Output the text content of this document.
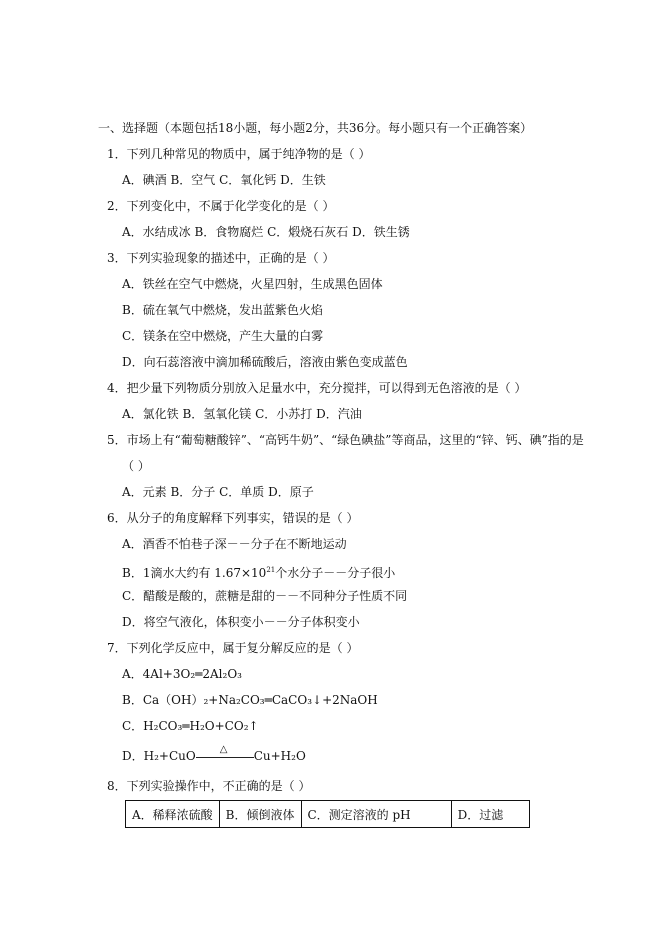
一、选择题（本题包括18小题，每小题2分，共36分。每小题只有一个正确答案）
1．下列几种常见的物质中，属于纯净物的是（ ）
A．碘酒 B．空气 C．氧化钙 D．生铁
2．下列变化中，不属于化学变化的是（ ）
A．水结成冰 B．食物腐烂 C．煅烧石灰石 D．铁生锈
3．下列实验现象的描述中，正确的是（ ）
A．铁丝在空气中燃烧，火星四射，生成黑色固体
B．硫在氧气中燃烧，发出蓝紫色火焰
C．镁条在空中燃烧，产生大量的白雾
D．向石蕊溶液中滴加稀硫酸后，溶液由紫色变成蓝色
4．把少量下列物质分别放入足量水中，充分搅拌，可以得到无色溶液的是（ ）
A．氯化铁 B．氢氧化镁 C．小苏打 D．汽油
5．市场上有“葡萄糖酸锌”、“高钙牛奶”、“绿色碘盐”等商品，这里的“锌、钙、碘”指的是
（ ）
A．元素 B．分子 C．单质 D．原子
6．从分子的角度解释下列事实，错误的是（ ）
A．酒香不怕巷子深－－分子在不断地运动
B．1滴水大约有 $1.67\times 10^{21}$个水分子－－分子很小
C．醋酸是酸的，蔗糖是甜的－－不同种分子性质不同
D．将空气液化，体积变小－－分子体积变小
7．下列化学反应中，属于复分解反应的是（ ）
A．4Al+3O₂═2Al₂O₃
B．Ca（OH）₂+Na₂CO₃═CaCO₃↓+2NaOH
C．H₂CO₃═H₂O+CO₂↑
D．H₂+CuO △ Cu+H₂O
8．下列实验操作中，不正确的是（ ）
A．稀释浓硫酸	B．倾倒液体	C．测定溶液的 pH	D．过滤
